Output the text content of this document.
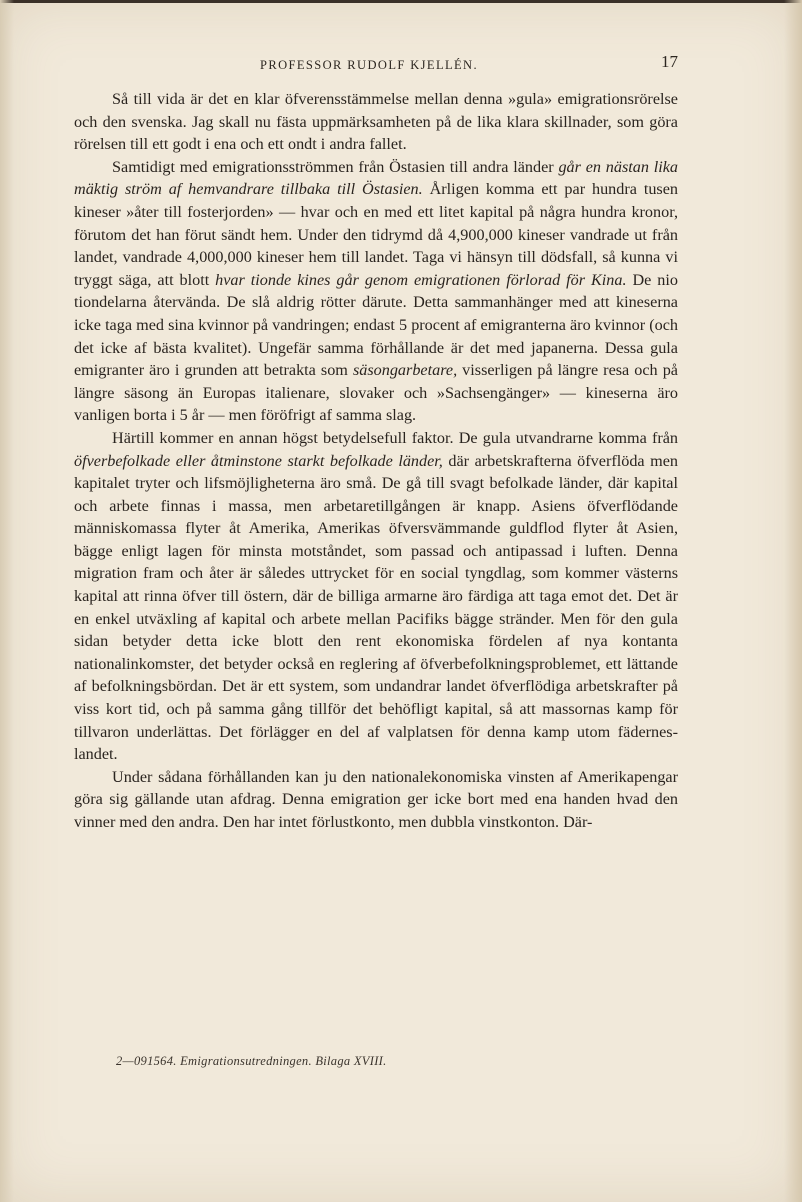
PROFESSOR RUDOLF KJELLÉN.	17

Så till vida är det en klar öfverensstämmelse mellan denna »gula» emigrationsrörelse och den svenska. Jag skall nu fästa uppmärksamheten på de lika klara skillnader, som göra rörelsen till ett godt i ena och ett ondt i andra fallet.

Samtidigt med emigrationsströmmen från Östasien till andra länder går en nästan lika mäktig ström af hemvandrare tillbaka till Östasien. Årligen komma ett par hundra tusen kineser »åter till fosterjorden» — hvar och en med ett litet kapital på några hundra kronor, förutom det han förut sändt hem. Under den tidrymd då 4,900,000 kineser vandrade ut från landet, vandrade 4,000,000 kineser hem till landet. Taga vi hänsyn till dödsfall, så kunna vi tryggt säga, att blott hvar tionde kines går genom emigrationen förlorad för Kina. De nio tiondelarna återvända. De slå aldrig rötter därute. Detta sammanhänger med att kineserna icke taga med sina kvinnor på vandringen; endast 5 procent af emigranterna äro kvinnor (och det icke af bästa kvalitet). Ungefär samma förhållande är det med japanerna. Dessa gula emigranter äro i grunden att betrakta som säsongarbetare, visserligen på längre resa och på längre säsong än Europas italienare, slovaker och »Sachsengänger» — kineserna äro vanligen borta i 5 år — men föröfrigt af samma slag.

Härtill kommer en annan högst betydelsefull faktor. De gula utvandrarne komma från öfverbefolkade eller åtminstone starkt befolkade länder, där arbetskrafterna öfverflöda men kapitalet tryter och lifsmöjligheterna äro små. De gå till svagt befolkade länder, där kapital och arbete finnas i massa, men arbetaretillgången är knapp. Asiens öfverflödande människomassa flyter åt Amerika, Amerikas öfversvämmande guldflod flyter åt Asien, bägge enligt lagen för minsta motståndet, som passad och antipassad i luften. Denna migration fram och åter är således uttrycket för en social tyngdlag, som kommer västerns kapital att rinna öfver till östern, där de billiga armarne äro färdiga att taga emot det. Det är en enkel utväxling af kapital och arbete mellan Pacifiks bägge stränder. Men för den gula sidan betyder detta icke blott den rent ekonomiska fördelen af nya kontanta nationalinkomster, det betyder också en reglering af öfverbefolkningsproblemet, ett lättande af befolkningsbördan. Det är ett system, som undandrar landet öfverflödiga arbetskrafter på viss kort tid, och på samma gång tillför det behöfligt kapital, så att massornas kamp för tillvaron underlättas. Det förlägger en del af valplatsen för denna kamp utom fädernes-landet.

Under sådana förhållanden kan ju den nationalekonomiska vinsten af Amerikapengar göra sig gällande utan afdrag. Denna emigration ger icke bort med ena handen hvad den vinner med den andra. Den har intet förlustkonto, men dubbla vinstkonton. Där-

2—091564. Emigrationsutredningen. Bilaga XVIII.
